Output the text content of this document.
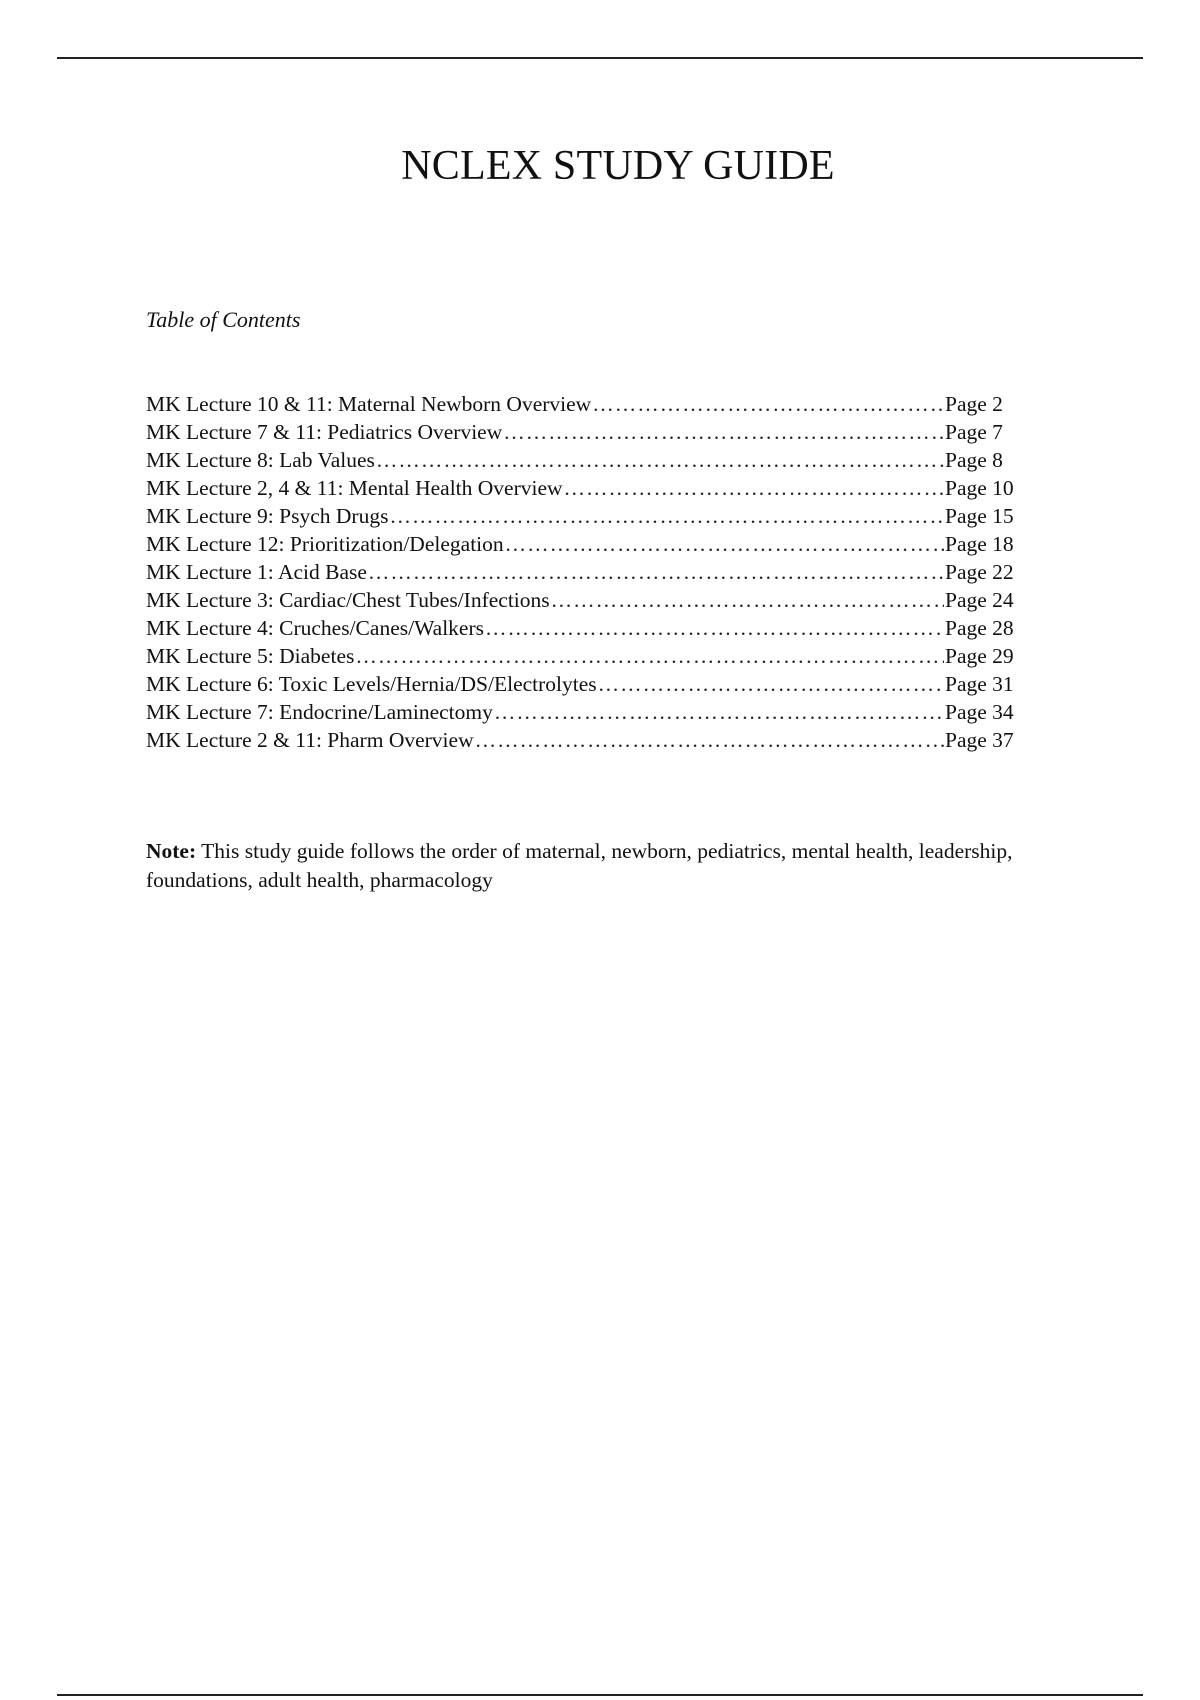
NCLEX STUDY GUIDE

Table of Contents

MK Lecture 10 & 11: Maternal Newborn Overview ……………………………………………………………………………………………………………………………………………………………………………………………………………………	Page 2
MK Lecture 7 & 11: Pediatrics Overview ……………………………………………………………………………………………………………………………………………………………………………………………………………………	Page 7
MK Lecture 8: Lab Values ……………………………………………………………………………………………………………………………………………………………………………………………………………………	Page 8
MK Lecture 2, 4 & 11: Mental Health Overview ……………………………………………………………………………………………………………………………………………………………………………………………………………………	Page 10
MK Lecture 9: Psych Drugs ……………………………………………………………………………………………………………………………………………………………………………………………………………………	Page 15
MK Lecture 12: Prioritization/Delegation ……………………………………………………………………………………………………………………………………………………………………………………………………………………	Page 18
MK Lecture 1: Acid Base ……………………………………………………………………………………………………………………………………………………………………………………………………………………	Page 22
MK Lecture 3: Cardiac/Chest Tubes/Infections ……………………………………………………………………………………………………………………………………………………………………………………………………………………	Page 24
MK Lecture 4: Cruches/Canes/Walkers ……………………………………………………………………………………………………………………………………………………………………………………………………………………	Page 28
MK Lecture 5: Diabetes ……………………………………………………………………………………………………………………………………………………………………………………………………………………	Page 29
MK Lecture 6: Toxic Levels/Hernia/DS/Electrolytes ……………………………………………………………………………………………………………………………………………………………………………………………………………………	Page 31
MK Lecture 7: Endocrine/Laminectomy ……………………………………………………………………………………………………………………………………………………………………………………………………………………	Page 34
MK Lecture 2 & 11: Pharm Overview ……………………………………………………………………………………………………………………………………………………………………………………………………………………	Page 37

Note: This study guide follows the order of maternal, newborn, pediatrics, mental health, leadership, foundations, adult health, pharmacology
